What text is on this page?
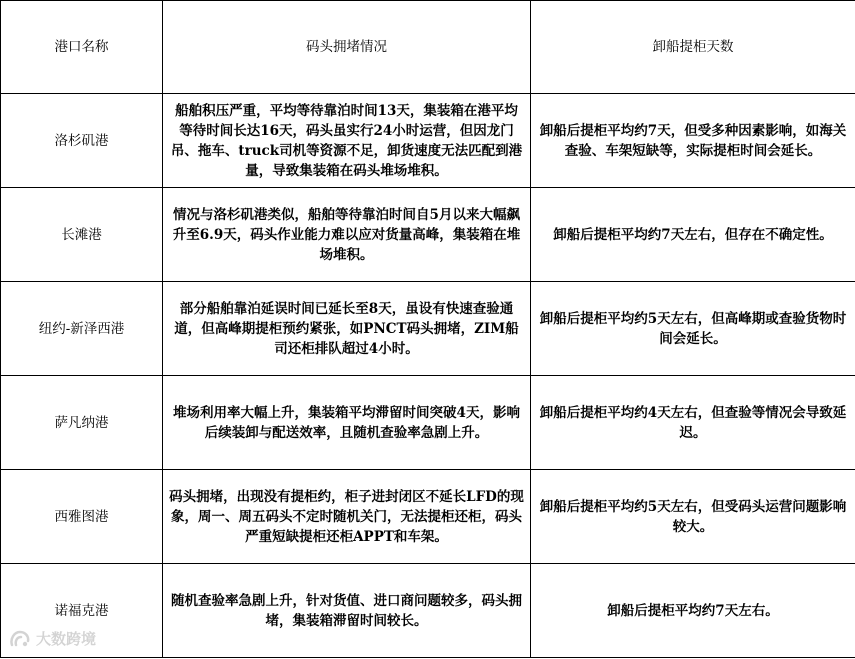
港口名称	码头拥堵情况	卸船提柜天数
洛杉矶港	船舶积压严重，平均等待靠泊时间13天，集装箱在港平均等待时间长达16天，码头虽实行24小时运营，但因龙门吊、拖车、truck司机等资源不足，卸货速度无法匹配到港量，导致集装箱在码头堆场堆积。	卸船后提柜平均约7天，但受多种因素影响，如海关查验、车架短缺等，实际提柜时间会延长。
长滩港	情况与洛杉矶港类似，船舶等待靠泊时间自5月以来大幅飙升至6.9天，码头作业能力难以应对货量高峰，集装箱在堆场堆积。	卸船后提柜平均约7天左右，但存在不确定性。
纽约-新泽西港	部分船舶靠泊延误时间已延长至8天，虽设有快速查验通道，但高峰期提柜预约紧张，如PNCT码头拥堵，ZIM船司还柜排队超过4小时。	卸船后提柜平均约5天左右，但高峰期或查验货物时间会延长。
萨凡纳港	堆场利用率大幅上升，集装箱平均滞留时间突破4天，影响后续装卸与配送效率，且随机查验率急剧上升。	卸船后提柜平均约4天左右，但查验等情况会导致延迟。
西雅图港	码头拥堵，出现没有提柜约，柜子进封闭区不延长LFD的现象，周一、周五码头不定时随机关门，无法提柜还柜，码头严重短缺提柜还柜APPT和车架。	卸船后提柜平均约5天左右，但受码头运营问题影响较大。
诺福克港	随机查验率急剧上升，针对货值、进口商问题较多，码头拥堵，集装箱滞留时间较长。	卸船后提柜平均约7天左右。
大数跨境
